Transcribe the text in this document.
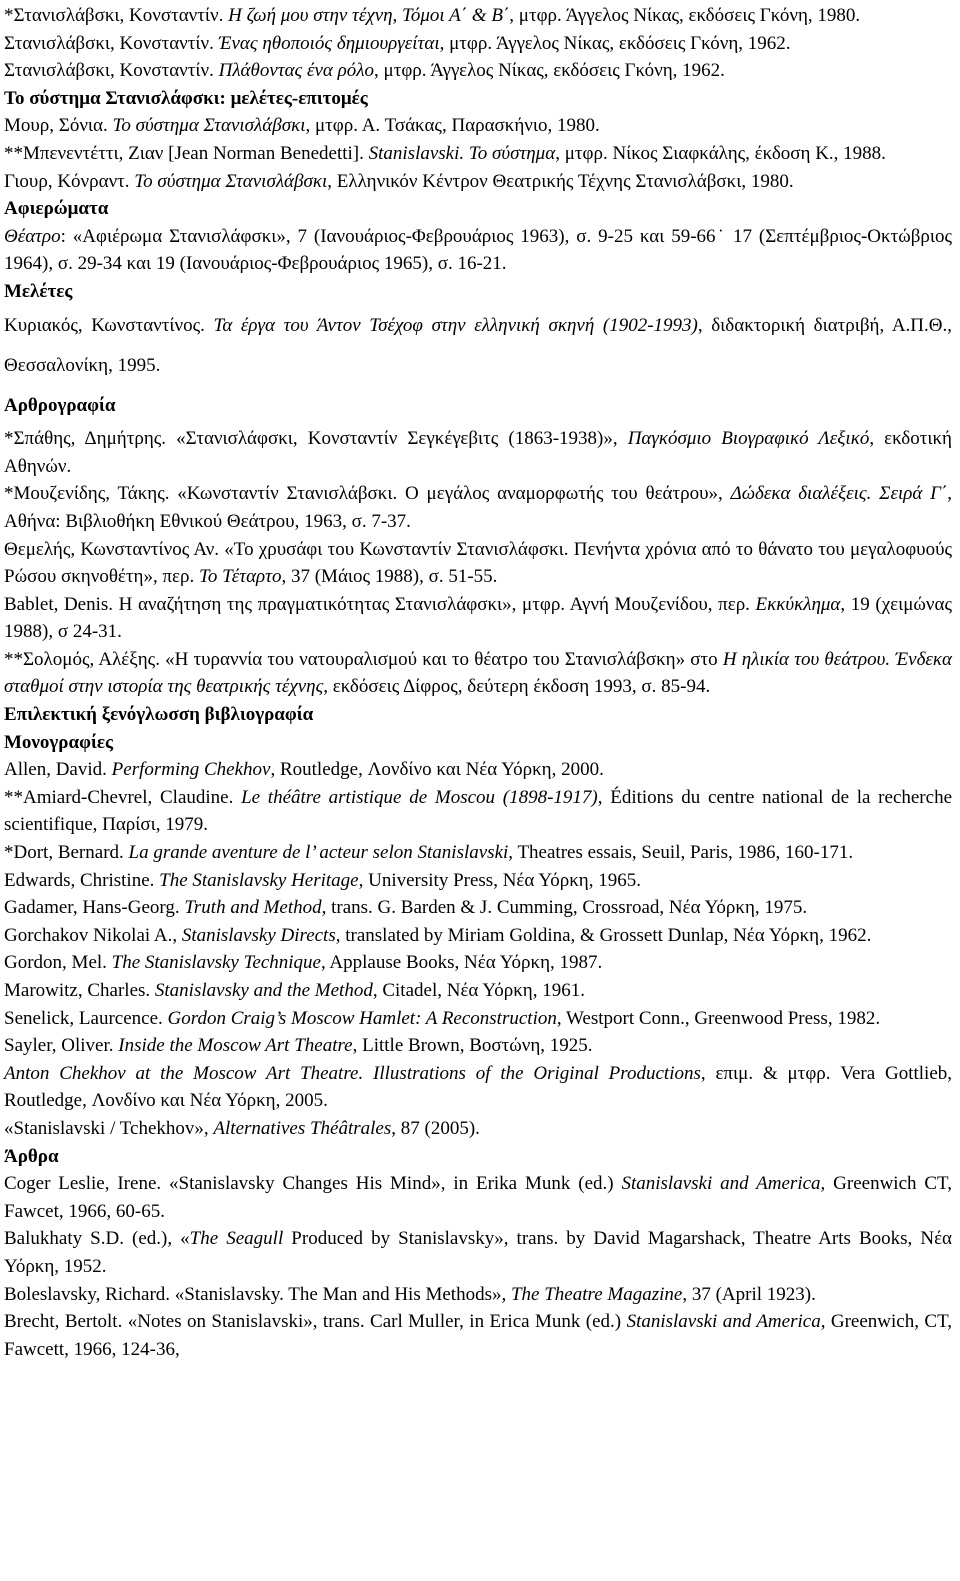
*Στανισλάβσκι, Κονσταντίν. Η ζωή μου στην τέχνη, Τόμοι Α΄ & Β΄, μτφρ. Άγγελος Νίκας, εκδόσεις Γκόνη, 1980.

Στανισλάβσκι, Κονσταντίν. Ένας ηθοποιός δημιουργείται, μτφρ. Άγγελος Νίκας, εκδόσεις Γκόνη, 1962.

Στανισλάβσκι, Κονσταντίν. Πλάθοντας ένα ρόλο, μτφρ. Άγγελος Νίκας, εκδόσεις Γκόνη, 1962.

Το σύστημα Στανισλάφσκι: μελέτες-επιτομές

Μουρ, Σόνια. Το σύστημα Στανισλάβσκι, μτφρ. Α. Τσάκας, Παρασκήνιο, 1980.

**Μπενεντέττι, Ζιαν [Jean Norman Benedetti]. Stanislavski. Το σύστημα, μτφρ. Νίκος Σιαφκάλης, έκδοση Κ., 1988.

Γιουρ, Κόνραντ. Το σύστημα Στανισλάβσκι, Ελληνικόν Κέντρον Θεατρικής Τέχνης Στανισλάβσκι, 1980.

Αφιερώματα

Θέατρο: «Αφιέρωμα Στανισλάφσκι», 7 (Ιανουάριος-Φεβρουάριος 1963), σ. 9-25 και 59-66˙ 17 (Σεπτέμβριος-Οκτώβριος 1964), σ. 29-34 και 19 (Ιανουάριος-Φεβρουάριος 1965), σ. 16-21.

Μελέτες

Κυριακός, Κωνσταντίνος. Τα έργα του Άντον Τσέχοφ στην ελληνική σκηνή (1902-1993), διδακτορική διατριβή, Α.Π.Θ., Θεσσαλονίκη, 1995.

Αρθρογραφία

*Σπάθης, Δημήτρης. «Στανισλάφσκι, Κονσταντίν Σεγκέγεβιτς (1863-1938)», Παγκόσμιο Βιογραφικό Λεξικό, εκδοτική Αθηνών.

*Μουζενίδης, Τάκης. «Κωνσταντίν Στανισλάβσκι. Ο μεγάλος αναμορφωτής του θεάτρου», Δώδεκα διαλέξεις. Σειρά Γ΄, Αθήνα: Βιβλιοθήκη Εθνικού Θεάτρου, 1963, σ. 7-37.

Θεμελής, Κωνσταντίνος Αν. «Το χρυσάφι του Κωνσταντίν Στανισλάφσκι. Πενήντα χρόνια από το θάνατο του μεγαλοφυούς Ρώσου σκηνοθέτη», περ. Το Τέταρτο, 37 (Μάιος 1988), σ. 51-55.

Bablet, Denis. Η αναζήτηση της πραγματικότητας Στανισλάφσκι», μτφρ. Αγνή Μουζενίδου, περ. Εκκύκλημα, 19 (χειμώνας 1988), σ 24-31.

**Σολομός, Αλέξης. «Η τυραννία του νατουραλισμού και το θέατρο του Στανισλάβσκη» στο Η ηλικία του θεάτρου. Ένδεκα σταθμοί στην ιστορία της θεατρικής τέχνης, εκδόσεις Δίφρος, δεύτερη έκδοση 1993, σ. 85-94.

Επιλεκτική ξενόγλωσση βιβλιογραφία

Μονογραφίες

Allen, David. Performing Chekhov, Routledge, Λονδίνο και Νέα Υόρκη, 2000.

**Amiard-Chevrel, Claudine. Le théâtre artistique de Moscou (1898-1917), Éditions du centre national de la recherche scientifique, Παρίσι, 1979.

*Dort, Bernard. La grande aventure de l’ acteur selon Stanislavski, Theatres essais, Seuil, Paris, 1986, 160-171.

Edwards, Christine. The Stanislavsky Heritage, University Press, Νέα Υόρκη, 1965.

Gadamer, Hans-Georg. Truth and Method, trans. G. Barden & J. Cumming, Crossroad, Νέα Υόρκη, 1975.

Gorchakov Nikolai A., Stanislavsky Directs, translated by Miriam Goldina, & Grossett Dunlap, Νέα Υόρκη, 1962.

Gordon, Mel. The Stanislavsky Technique, Applause Books, Νέα Υόρκη, 1987.

Marowitz, Charles. Stanislavsky and the Method, Citadel, Νέα Υόρκη, 1961.

Senelick, Laurcence. Gordon Craig’s Moscow Hamlet: A Reconstruction, Westport Conn., Greenwood Press, 1982.

Sayler, Oliver. Inside the Moscow Art Theatre, Little Brown, Βοστώνη, 1925.

Anton Chekhov at the Moscow Art Theatre. Illustrations of the Original Productions, επιμ. & μτφρ. Vera Gottlieb, Routledge, Λονδίνο και Νέα Υόρκη, 2005.

«Stanislavski / Tchekhov», Alternatives Théâtrales, 87 (2005).

Άρθρα

Coger Leslie, Irene. «Stanislavsky Changes His Mind», in Erika Munk (ed.) Stanislavski and America, Greenwich CT, Fawcet, 1966, 60-65.

Balukhaty S.D. (ed.), «The Seagull Produced by Stanislavsky», trans. by David Magarshack, Theatre Arts Books, Νέα Υόρκη, 1952.

Boleslavsky, Richard. «Stanislavsky. The Man and His Methods», The Theatre Magazine, 37 (April 1923).

Brecht, Bertolt. «Notes on Stanislavski», trans. Carl Muller, in Erica Munk (ed.) Stanislavski and America, Greenwich, CT, Fawcett, 1966, 124-36,
